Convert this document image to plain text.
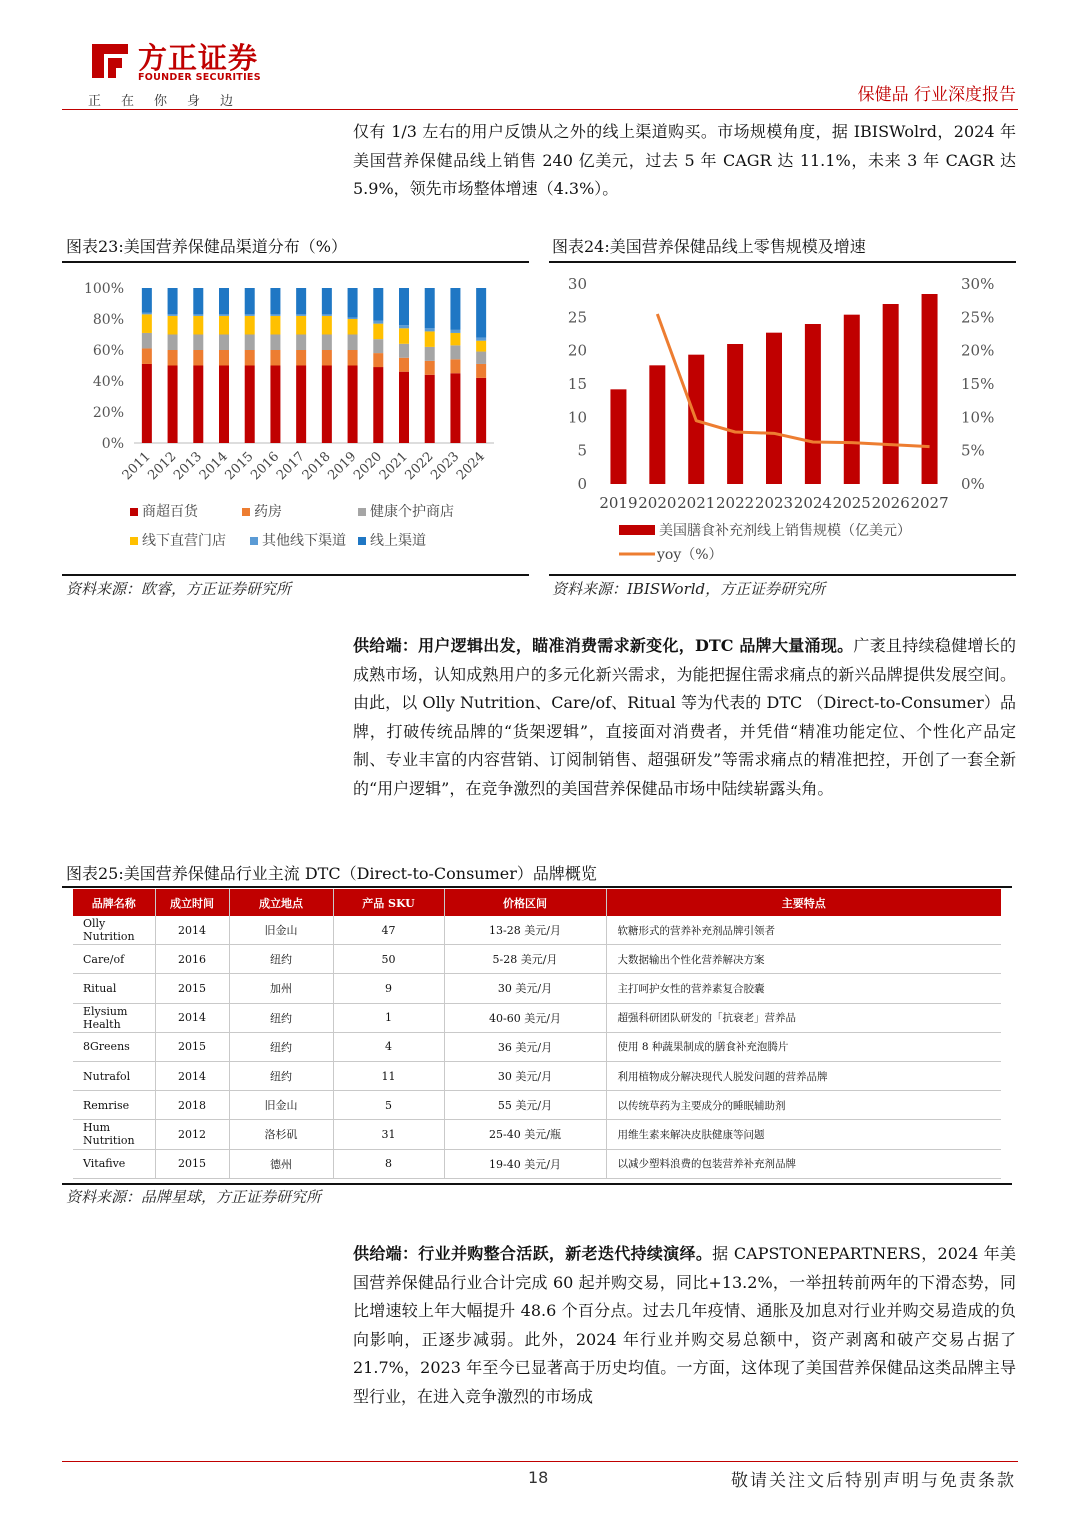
方正证券
FOUNDER SECURITIES
正在你身边	保健品 行业深度报告
仅有 1/3 左右的用户反馈从之外的线上渠道购买。市场规模角度，据 IBISWolrd，2024 年美国营养保健品线上销售 240 亿美元，过去 5 年 CAGR 达 11.1%，未来 3 年 CAGR 达 5.9%，领先市场整体增速（4.3%）。
图表23:美国营养保健品渠道分布（%）
0%
20%
40%
60%
80%
100%
2011
2012
2013
2014
2015
2016
2017
2018
2019
2020
2021
2022
2023
2024
商超百货	药房	健康个护商店
线下直营门店	其他线下渠道 线上渠道
资料来源：欧睿，方正证券研究所
图表24:美国营养保健品线上零售规模及增速
0
5
10
15
20
25
30
0%
5%
10%
15%
20%
25%
30%
2019 2020 2021 2022 2023 2024 2025 2026 2027
美国膳食补充剂线上销售规模（亿美元）
yoy（%）
资料来源：IBISWorld，方正证券研究所
供给端：用户逻辑出发，瞄准消费需求新变化，DTC 品牌大量涌现。广袤且持续稳健增长的成熟市场，认知成熟用户的多元化新兴需求，为能把握住需求痛点的新兴品牌提供发展空间。由此，以 Olly Nutrition、Care/of、Ritual 等为代表的 DTC （Direct-to-Consumer）品牌，打破传统品牌的“货架逻辑”，直接面对消费者，并凭借“精准功能定位、个性化产品定制、专业丰富的内容营销、订阅制销售、超强研发”等需求痛点的精准把控，开创了一套全新的“用户逻辑”，在竞争激烈的美国营养保健品市场中陆续崭露头角。
图表25:美国营养保健品行业主流 DTC（Direct-to-Consumer）品牌概览
品牌名称	成立时间	成立地点	产品 SKU	价格区间	主要特点
Olly Nutrition	2014	旧金山	47	13-28 美元/月	软糖形式的营养补充剂品牌引领者
Care/of	2016	纽约	50	5-28 美元/月	大数据输出个性化营养解决方案
Ritual	2015	加州	9	30 美元/月	主打呵护女性的营养素复合胶囊
Elysium Health	2014	纽约	1	40-60 美元/月	超强科研团队研发的「抗衰老」营养品
8Greens	2015	纽约	4	36 美元/月	使用 8 种蔬果制成的膳食补充泡腾片
Nutrafol	2014	纽约	11	30 美元/月	利用植物成分解决现代人脱发问题的营养品牌
Remrise	2018	旧金山	5	55 美元/月	以传统草药为主要成分的睡眠辅助剂
Hum Nutrition	2012	洛杉矶	31	25-40 美元/瓶	用维生素来解决皮肤健康等问题
Vitafive	2015	德州	8	19-40 美元/月	以减少塑料浪费的包装营养补充剂品牌
资料来源：品牌星球，方正证券研究所
供给端：行业并购整合活跃，新老迭代持续演绎。据 CAPSTONEPARTNERS，2024 年美国营养保健品行业合计完成 60 起并购交易，同比+13.2%，一举扭转前两年的下滑态势，同比增速较上年大幅提升 48.6 个百分点。过去几年疫情、通胀及加息对行业并购交易造成的负向影响，正逐步减弱。此外，2024 年行业并购交易总额中，资产剥离和破产交易占据了 21.7%，2023 年至今已显著高于历史均值。一方面，这体现了美国营养保健品这类品牌主导型行业，在进入竞争激烈的市场成
18	敬请关注文后特别声明与免责条款
